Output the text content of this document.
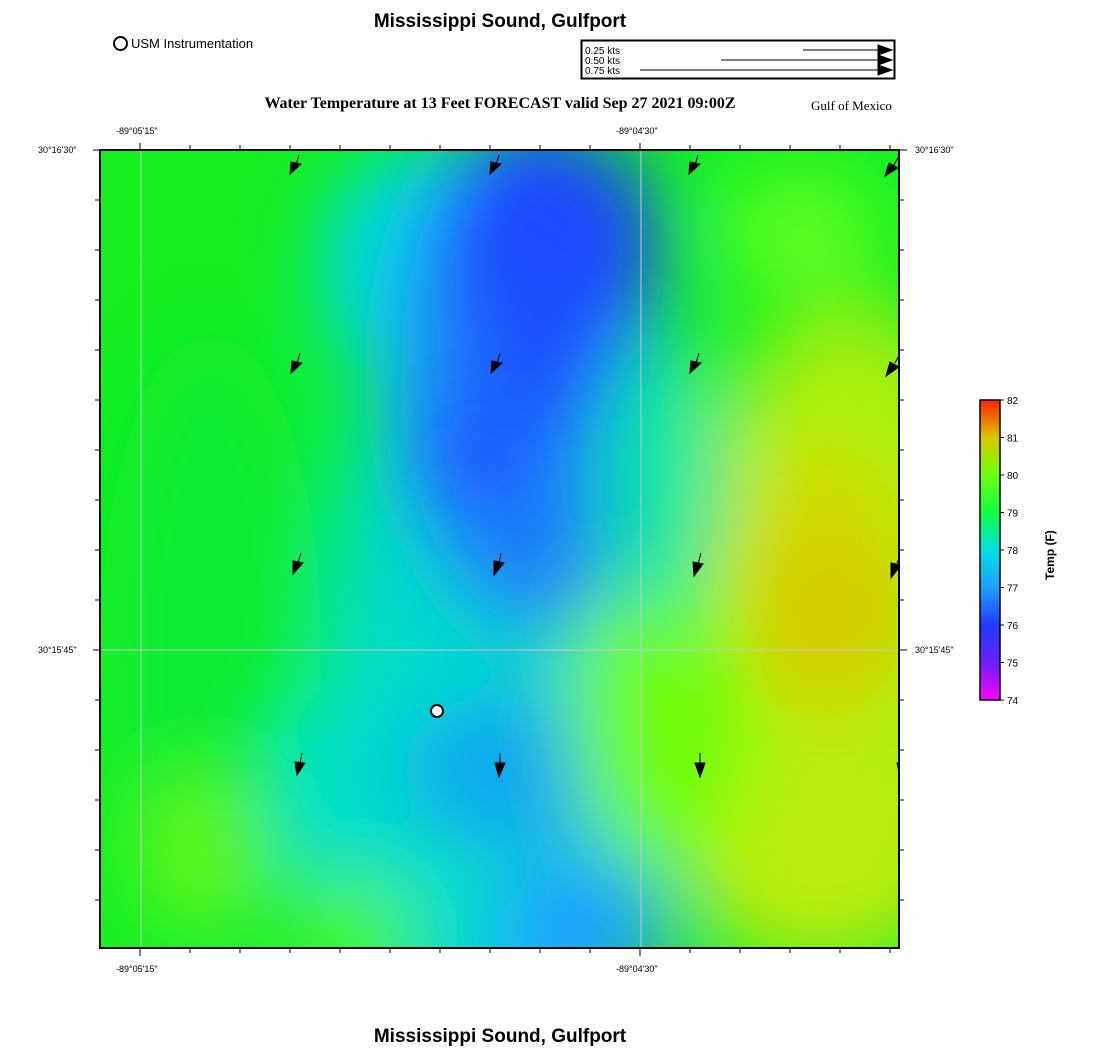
Mississippi Sound, Gulfport
USM Instrumentation
0.25 kts
0.50 kts
0.75 kts
Water Temperature at 13 Feet FORECAST valid Sep 27 2021 09:00Z	Gulf of Mexico
-89°05'15"	-89°04'30"
-89°05'15"	-89°04'30"
30°16'30"
30°15'45"
30°16'30"
30°15'45"
82
81
80
79
78
77
76
75
74
Temp (F)
Mississippi Sound, Gulfport
